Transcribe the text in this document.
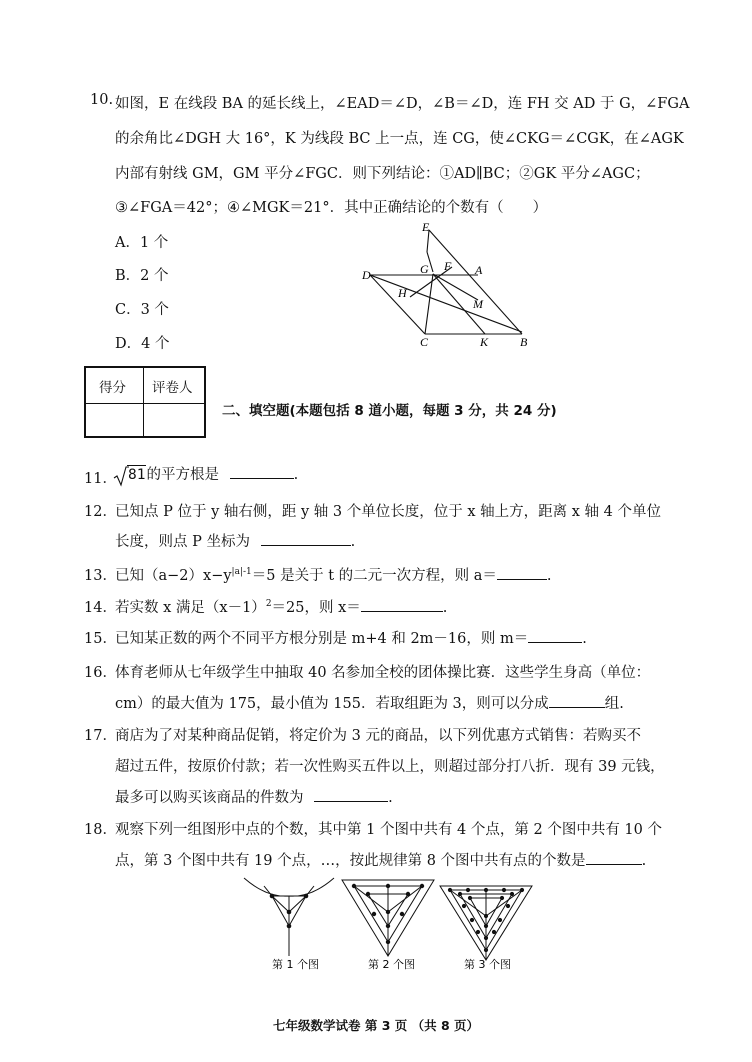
10. 如图，E 在线段 BA 的延长线上，∠EAD＝∠D，∠B＝∠D，连 FH 交 AD 于 G，∠FGA
的余角比∠DGH 大 16°，K 为线段 BC 上一点，连 CG，使∠CKG＝∠CGK，在∠AGK
内部有射线 GM，GM 平分∠FGC．则下列结论：①AD∥BC；②GK 平分∠AGC；
③∠FGA＝42°；④∠MGK＝21°．其中正确结论的个数有（　　）
A．1 个
B．2 个
C．3 个
D．4 个
E
D	G F A
H
M
C	K	B
得分 评卷人
二、填空题(本题包括 8 道小题，每题 3 分，共 24 分)
11． 81的平方根是	.
12．
已知点 P 位于 y 轴右侧，距 y 轴 3 个单位长度，位于 x 轴上方，距离 x 轴 4 个单位
长度，则点 P 坐标为	.
13．
已知$(a-2)x-y^{|a|-1}=5$ 是关于 t 的二元一次方程，则 a＝	.
14．
若实数 x 满足$(x-1)^2=25$，则 x＝	.
15．
已知某正数的两个不同平方根分别是 m+4 和 2m－16，则 m＝	.
16．
体育老师从七年级学生中抽取 40 名参加全校的团体操比赛．这些学生身高（单位：
cm）的最大值为 175，最小值为 155．若取组距为 3，则可以分成	组.
17．
商店为了对某种商品促销，将定价为 3 元的商品，以下列优惠方式销售：若购买不
超过五件，按原价付款；若一次性购买五件以上，则超过部分打八折．现有 39 元钱，
最多可以购买该商品的件数为	.
18．
观察下列一组图形中点的个数，其中第 1 个图中共有 4 个点，第 2 个图中共有 10 个
点，第 3 个图中共有 19 个点，…，按此规律第 8 个图中共有点的个数是	.
第 1 个图	第 2 个图	第 3 个图
七年级数学试卷 第 3 页 （共 8 页）
